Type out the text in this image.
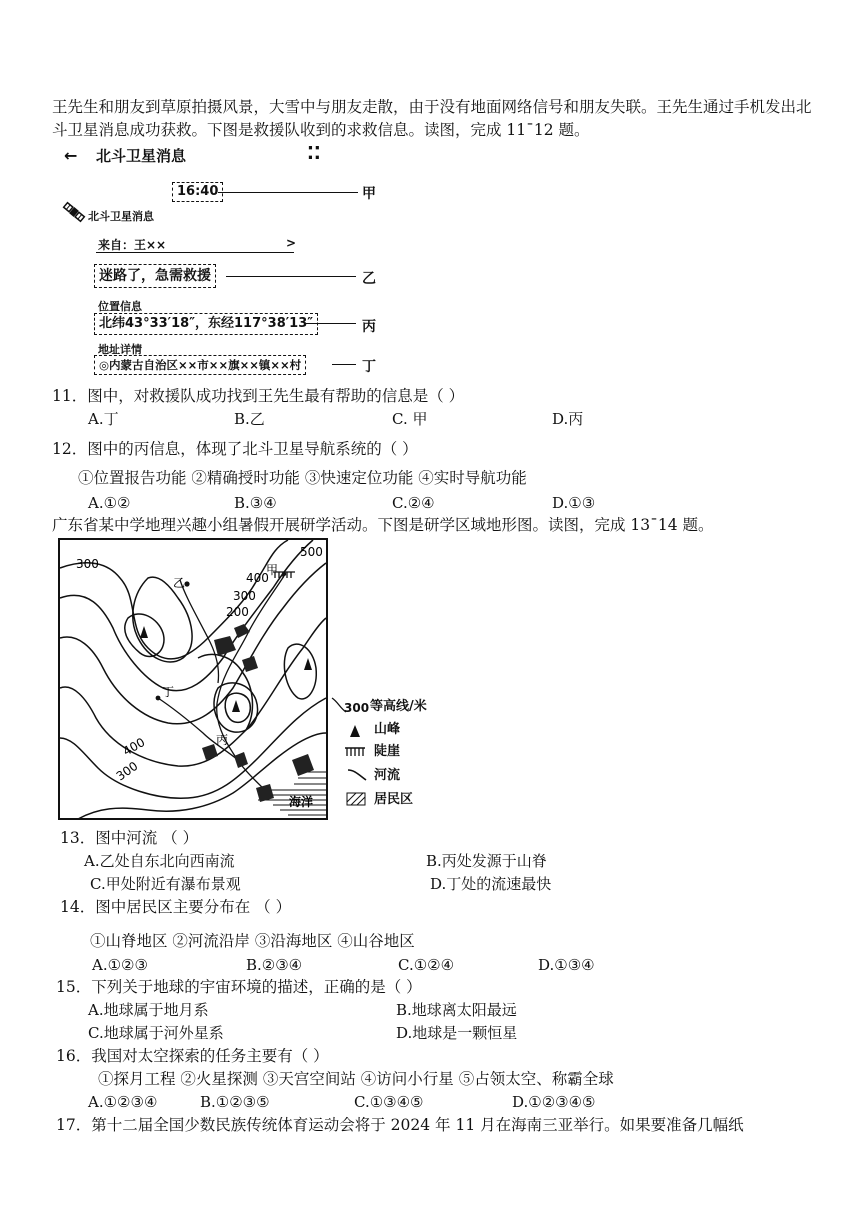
王先生和朋友到草原拍摄风景，大雪中与朋友走散，由于没有地面网络信号和朋友失联。王先生通过手机发出北斗卫星消息成功获救。下图是救援队收到的求救信息。读图，完成 11¯12 题。
← 北斗卫星消息	⁚⁚
16:40	甲
北斗卫星消息
来自：王××	>
迷路了，急需救援	乙
位置信息
北纬43°33′18″，东经117°38′13″	丙
地址详情
◎内蒙古自治区××市××旗××镇××村	丁
11．图中，对救援队成功找到王先生最有帮助的信息是（ ）
A.丁	B.乙	C. 甲	D.丙
12．图中的丙信息，体现了北斗卫星导航系统的（ ）
①位置报告功能 ②精确授时功能 ③快速定位功能 ④实时导航功能
A.①②	B.③④	C.②④	D.①③
广东省某中学地理兴趣小组暑假开展研学活动。下图是研学区域地形图。读图，完成 13¯14 题。
500
400
300
200
300
400
300
甲
乙
丁
丙
海洋
300 等高线/米
山峰
陡崖
河流
居民区
13．图中河流 （ ）
A.乙处自东北向西南流	B.丙处发源于山脊
C.甲处附近有瀑布景观	D.丁处的流速最快
14．图中居民区主要分布在 （ ）
①山脊地区 ②河流沿岸 ③沿海地区 ④山谷地区
A.①②③	B.②③④	C.①②④	D.①③④
15．下列关于地球的宇宙环境的描述，正确的是（ ）
A.地球属于地月系	B.地球离太阳最远
C.地球属于河外星系	D.地球是一颗恒星
16．我国对太空探索的任务主要有（ ）
①探月工程 ②火星探测 ③天宫空间站 ④访问小行星 ⑤占领太空、称霸全球
A.①②③④	B.①②③⑤	C.①③④⑤	D.①②③④⑤
17．第十二届全国少数民族传统体育运动会将于 2024 年 11 月在海南三亚举行。如果要准备几幅纸
